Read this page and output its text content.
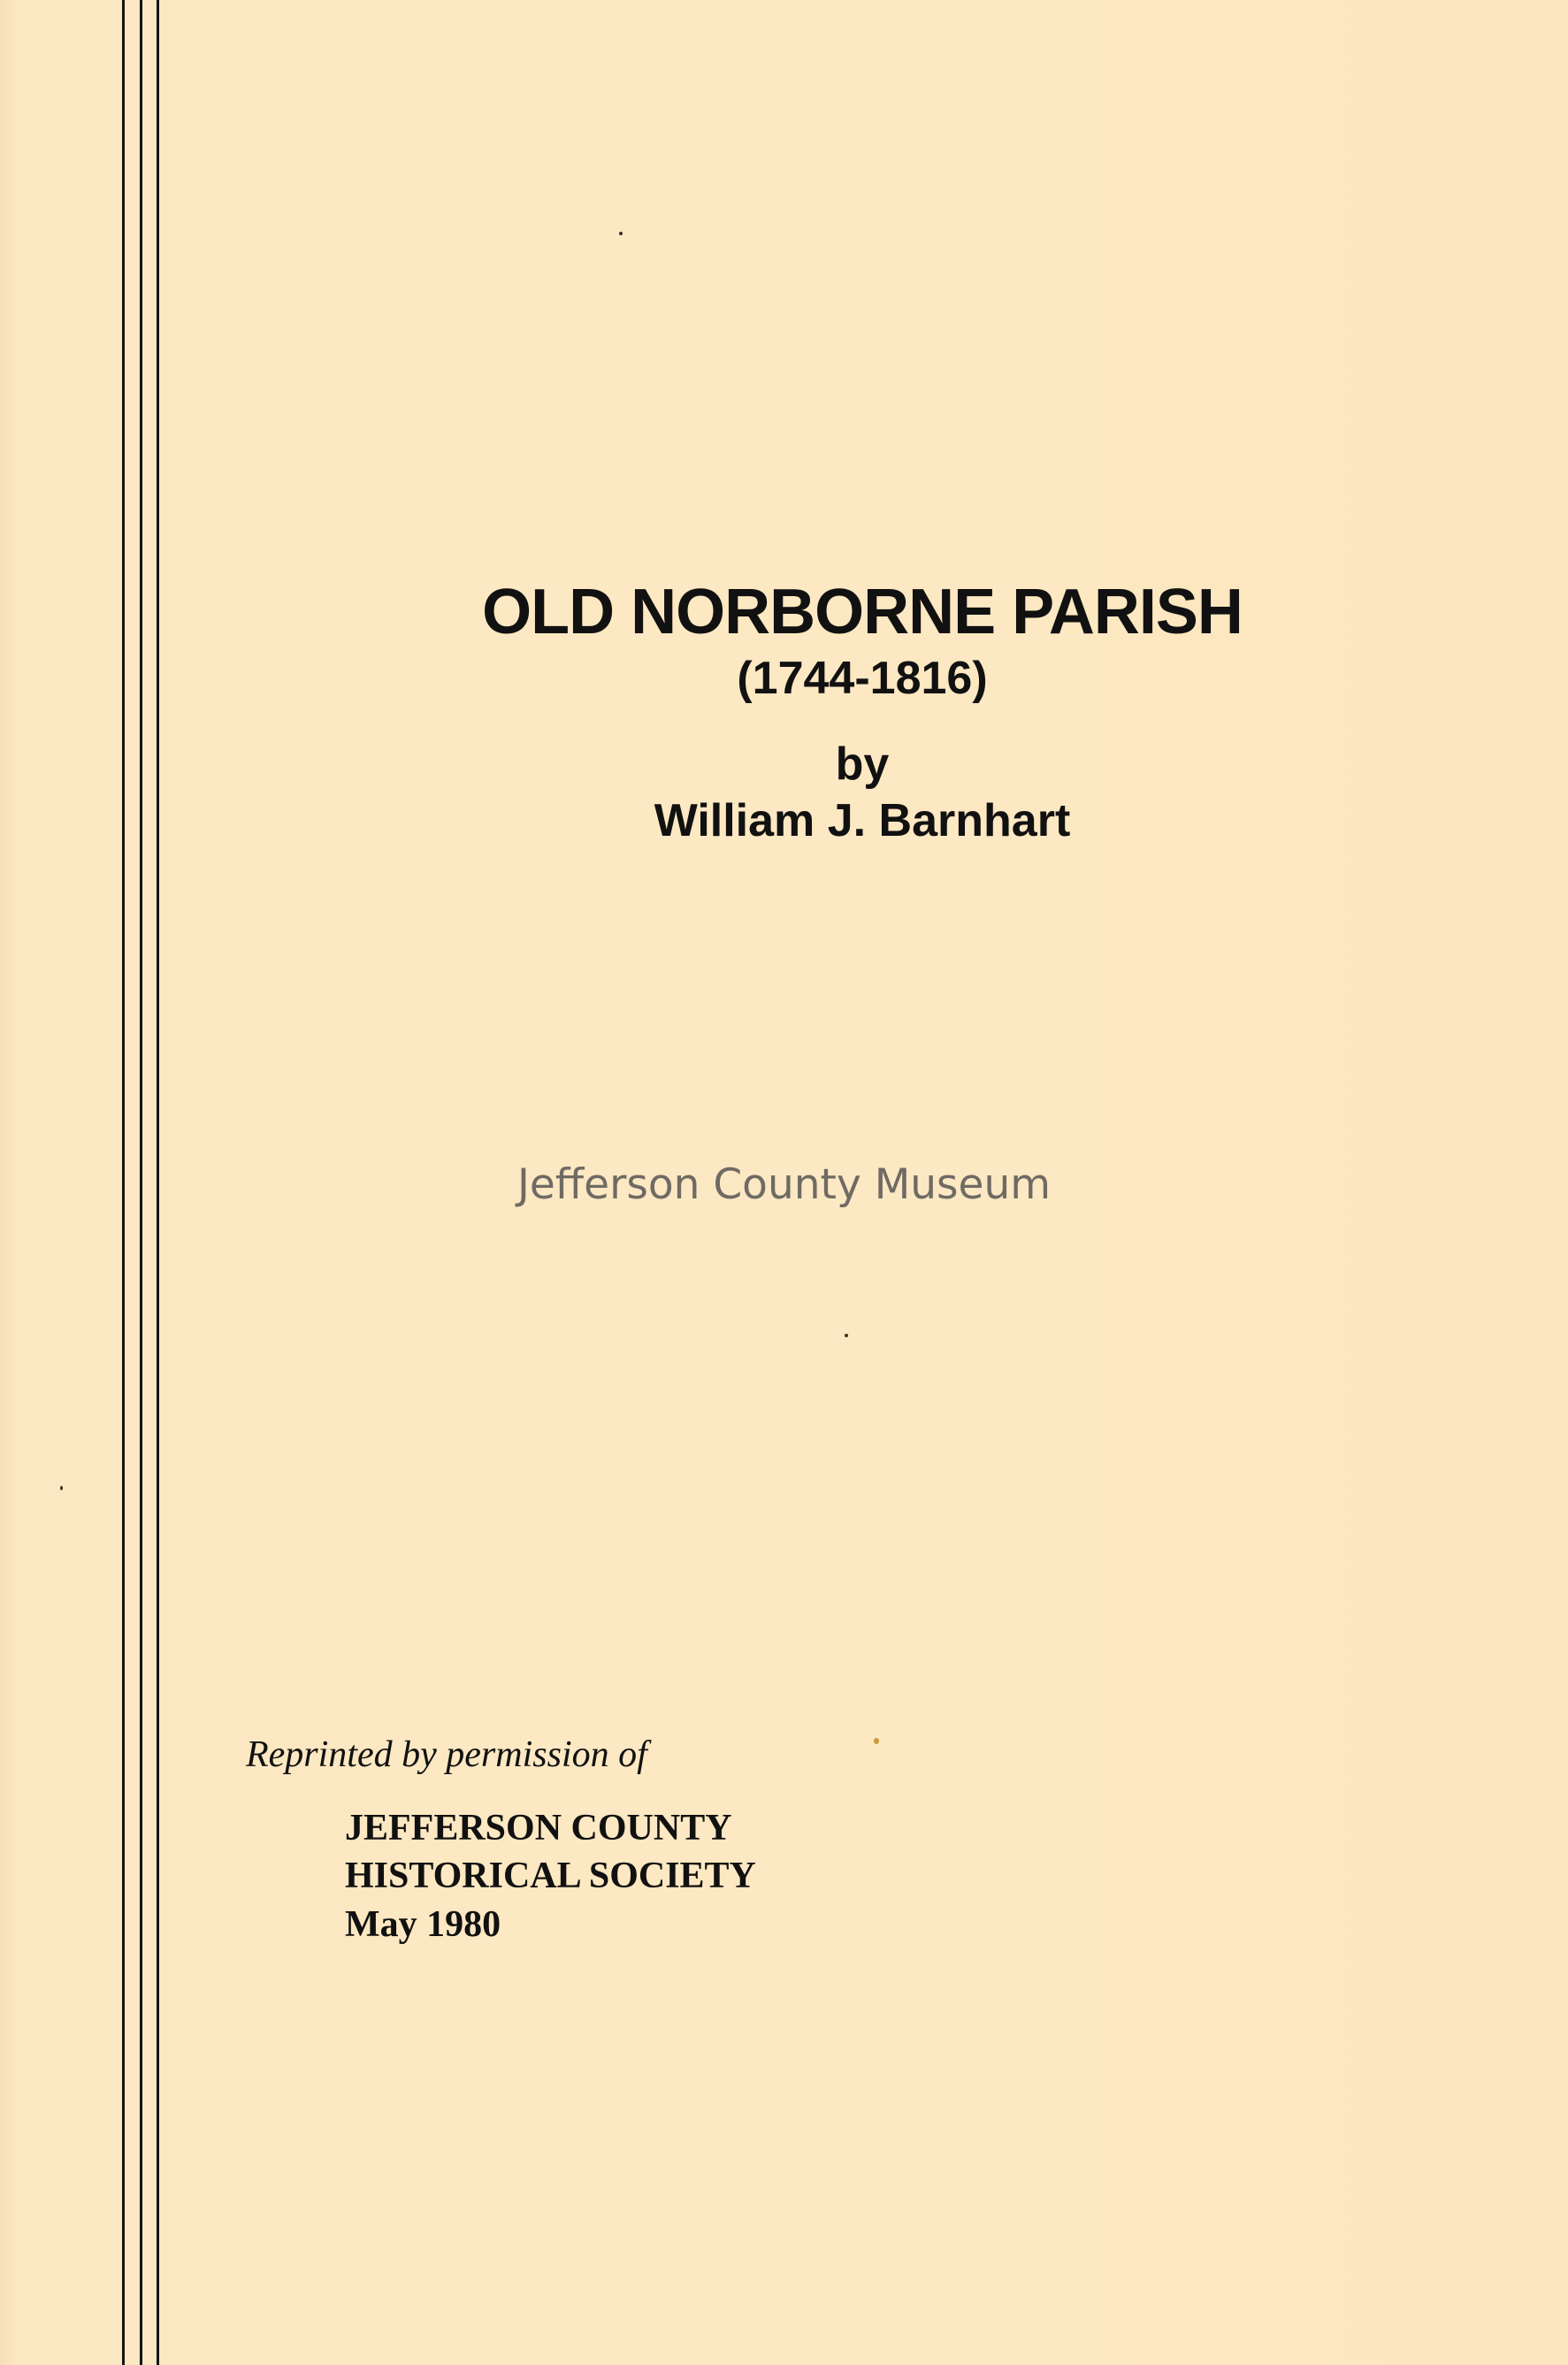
OLD NORBORNE PARISH
(1744-1816)
by
William J. Barnhart
Jefferson County Museum
Reprinted by permission of
JEFFERSON COUNTY
HISTORICAL SOCIETY
May 1980
